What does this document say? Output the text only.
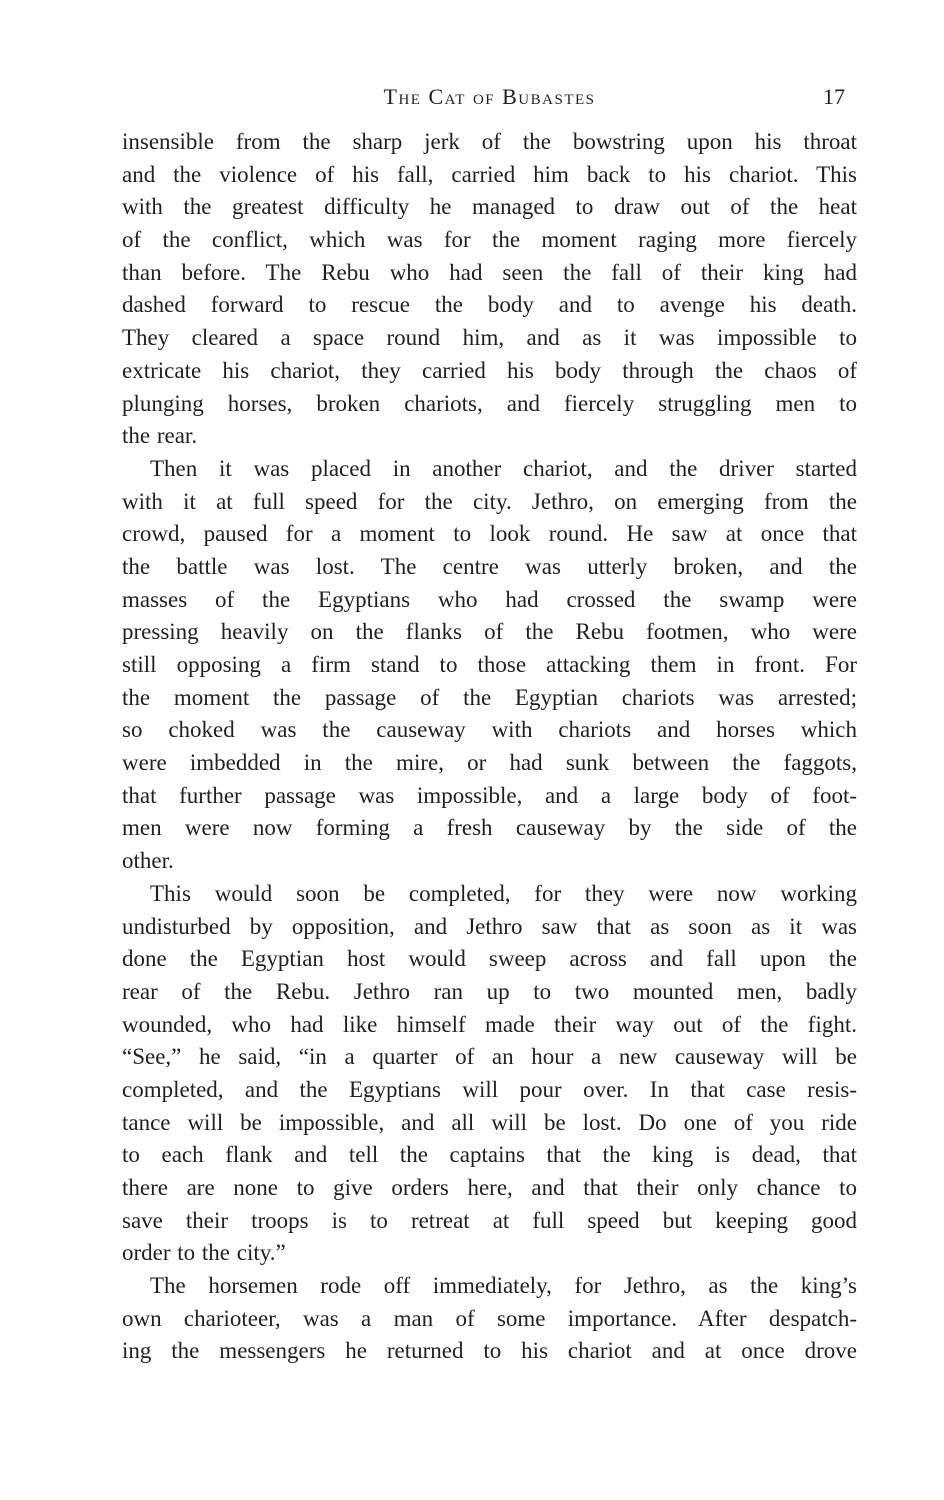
The Cat of Bubastes	17
insensible from the sharp jerk of the bowstring upon his throat
and the violence of his fall, carried him back to his chariot. This
with the greatest difficulty he managed to draw out of the heat
of the conflict, which was for the moment raging more fiercely
than before. The Rebu who had seen the fall of their king had
dashed forward to rescue the body and to avenge his death.
They cleared a space round him, and as it was impossible to
extricate his chariot, they carried his body through the chaos of
plunging horses, broken chariots, and fiercely struggling men to
the rear.
Then it was placed in another chariot, and the driver started
with it at full speed for the city. Jethro, on emerging from the
crowd, paused for a moment to look round. He saw at once that
the battle was lost. The centre was utterly broken, and the
masses of the Egyptians who had crossed the swamp were
pressing heavily on the flanks of the Rebu footmen, who were
still opposing a firm stand to those attacking them in front. For
the moment the passage of the Egyptian chariots was arrested;
so choked was the causeway with chariots and horses which
were imbedded in the mire, or had sunk between the faggots,
that further passage was impossible, and a large body of foot-
men were now forming a fresh causeway by the side of the
other.
This would soon be completed, for they were now working
undisturbed by opposition, and Jethro saw that as soon as it was
done the Egyptian host would sweep across and fall upon the
rear of the Rebu. Jethro ran up to two mounted men, badly
wounded, who had like himself made their way out of the fight.
“See,” he said, “in a quarter of an hour a new causeway will be
completed, and the Egyptians will pour over. In that case resis-
tance will be impossible, and all will be lost. Do one of you ride
to each flank and tell the captains that the king is dead, that
there are none to give orders here, and that their only chance to
save their troops is to retreat at full speed but keeping good
order to the city.”
The horsemen rode off immediately, for Jethro, as the king’s
own charioteer, was a man of some importance. After despatch-
ing the messengers he returned to his chariot and at once drove
